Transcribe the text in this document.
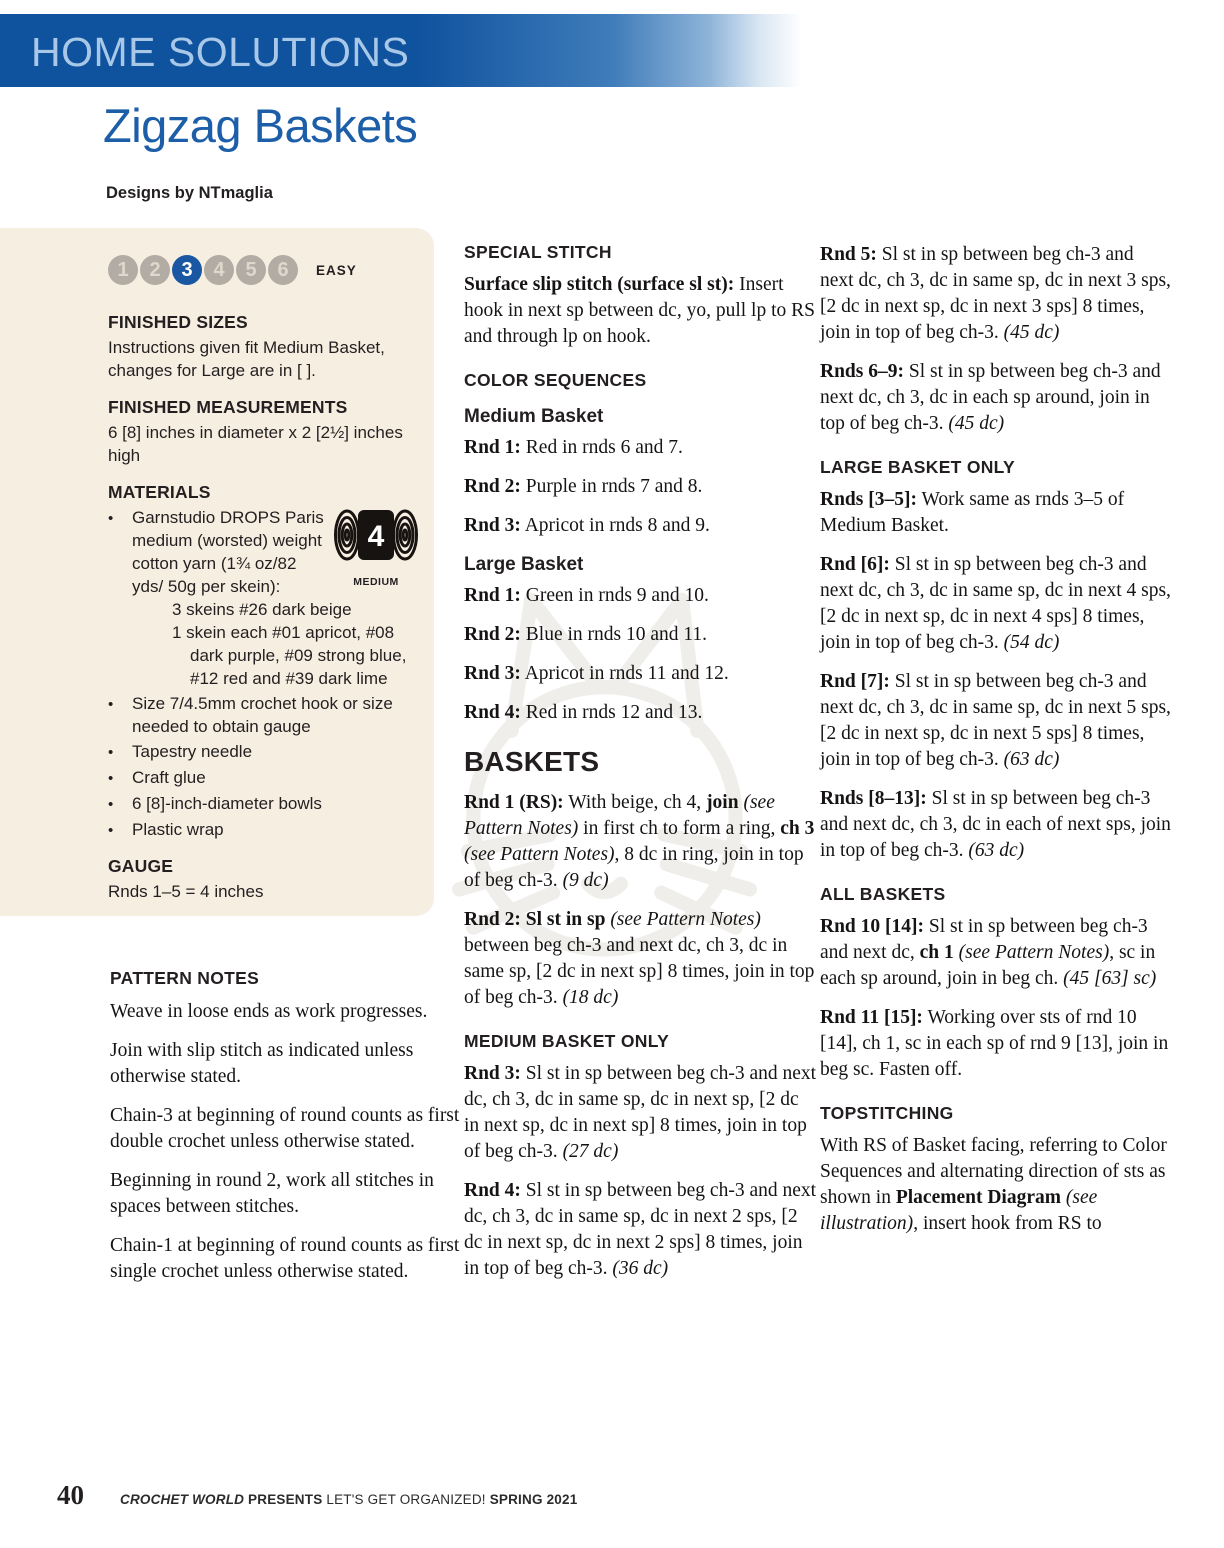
HOME SOLUTIONS
Zigzag Baskets

Designs by NTmaglia

1	2	3	4	5	6	EASY
FINISHED SIZES
Instructions given fit Medium Basket, changes for Large are in [ ].
FINISHED MEASUREMENTS
6 [8] inches in diameter x 2 [2½] inches high
MATERIALS
•
4
MEDIUM
Garnstudio DROPS Paris medium (worsted) weight cotton yarn (1¾ oz/82 yds/ 50g per skein):
3 skeins #26 dark beige
1 skein each #01 apricot, #08 dark purple, #09 strong blue, #12 red and #39 dark lime
•	Size 7/4.5mm crochet hook or size needed to obtain gauge
•	Tapestry needle
•	Craft glue
•	6 [8]-inch-diameter bowls
•	Plastic wrap
GAUGE
Rnds 1–5 = 4 inches
PATTERN NOTES

Weave in loose ends as work progresses.

Join with slip stitch as indicated unless otherwise stated.

Chain-3 at beginning of round counts as first double crochet unless otherwise stated.

Beginning in round 2, work all stitches in spaces between stitches.

Chain-1 at beginning of round counts as first single crochet unless otherwise stated.

SPECIAL STITCH

Surface slip stitch (surface sl st): Insert hook in next sp between dc, yo, pull lp to RS and through lp on hook.

COLOR SEQUENCES
Medium Basket

Rnd 1: Red in rnds 6 and 7.

Rnd 2: Purple in rnds 7 and 8.

Rnd 3: Apricot in rnds 8 and 9.

Large Basket

Rnd 1: Green in rnds 9 and 10.

Rnd 2: Blue in rnds 10 and 11.

Rnd 3: Apricot in rnds 11 and 12.

Rnd 4: Red in rnds 12 and 13.

BASKETS

Rnd 1 (RS): With beige, ch 4, join (see Pattern Notes) in first ch to form a ring, ch 3 (see Pattern Notes), 8 dc in ring, join in top of beg ch-3. (9 dc)

Rnd 2: Sl st in sp (see Pattern Notes) between beg ch-3 and next dc, ch 3, dc in same sp, [2 dc in next sp] 8 times, join in top of beg ch-3. (18 dc)

MEDIUM BASKET ONLY

Rnd 3: Sl st in sp between beg ch-3 and next dc, ch 3, dc in same sp, dc in next sp, [2 dc in next sp, dc in next sp] 8 times, join in top of beg ch-3. (27 dc)

Rnd 4: Sl st in sp between beg ch-3 and next dc, ch 3, dc in same sp, dc in next 2 sps, [2 dc in next sp, dc in next 2 sps] 8 times, join in top of beg ch-3. (36 dc)

Rnd 5: Sl st in sp between beg ch-3 and next dc, ch 3, dc in same sp, dc in next 3 sps, [2 dc in next sp, dc in next 3 sps] 8 times, join in top of beg ch-3. (45 dc)

Rnds 6–9: Sl st in sp between beg ch-3 and next dc, ch 3, dc in each sp around, join in top of beg ch-3. (45 dc)

LARGE BASKET ONLY

Rnds [3–5]: Work same as rnds 3–5 of Medium Basket.

Rnd [6]: Sl st in sp between beg ch-3 and next dc, ch 3, dc in same sp, dc in next 4 sps, [2 dc in next sp, dc in next 4 sps] 8 times, join in top of beg ch-3. (54 dc)

Rnd [7]: Sl st in sp between beg ch-3 and next dc, ch 3, dc in same sp, dc in next 5 sps, [2 dc in next sp, dc in next 5 sps] 8 times, join in top of beg ch-3. (63 dc)

Rnds [8–13]: Sl st in sp between beg ch-3 and next dc, ch 3, dc in each of next sps, join in top of beg ch-3. (63 dc)

ALL BASKETS

Rnd 10 [14]: Sl st in sp between beg ch-3 and next dc, ch 1 (see Pattern Notes), sc in each sp around, join in beg ch. (45 [63] sc)

Rnd 11 [15]: Working over sts of rnd 10 [14], ch 1, sc in each sp of rnd 9 [13], join in beg sc. Fasten off.

TOPSTITCHING

With RS of Basket facing, referring to Color Sequences and alternating direction of sts as shown in Placement Diagram (see illustration), insert hook from RS to

40	CROCHET WORLD PRESENTS LET'S GET ORGANIZED! SPRING 2021
